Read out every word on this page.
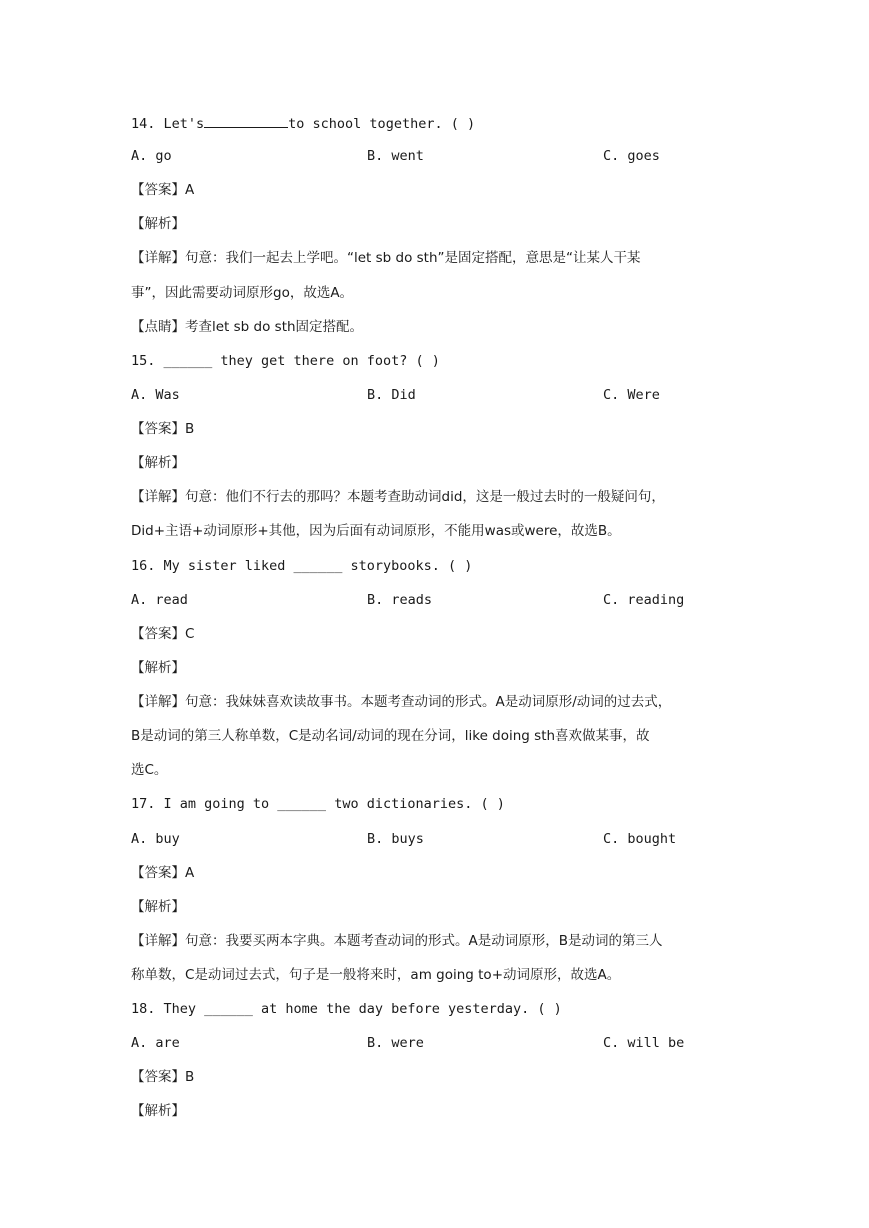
14. Let's	to school together. ( )
A. go	B. went	C. goes
【答案】A
【解析】
【详解】句意：我们一起去上学吧。“let sb do sth”是固定搭配，意思是“让某人干某
事”，因此需要动词原形go，故选A。
【点睛】考查let sb do sth固定搭配。
15. ______ they get there on foot? ( )
A. Was	B. Did	C. Were
【答案】B
【解析】
【详解】句意：他们不行去的那吗？本题考查助动词did，这是一般过去时的一般疑问句，
Did+主语+动词原形+其他，因为后面有动词原形，不能用was或were，故选B。
16. My sister liked ______ storybooks. ( )
A. read	B. reads	C. reading
【答案】C
【解析】
【详解】句意：我妹妹喜欢读故事书。本题考查动词的形式。A是动词原形/动词的过去式，
B是动词的第三人称单数，C是动名词/动词的现在分词，like doing sth喜欢做某事，故
选C。
17. I am going to ______ two dictionaries. ( )
A. buy	B. buys	C. bought
【答案】A
【解析】
【详解】句意：我要买两本字典。本题考查动词的形式。A是动词原形，B是动词的第三人
称单数，C是动词过去式，句子是一般将来时，am going to+动词原形，故选A。
18. They ______ at home the day before yesterday. ( )
A. are	B. were	C. will be
【答案】B
【解析】
